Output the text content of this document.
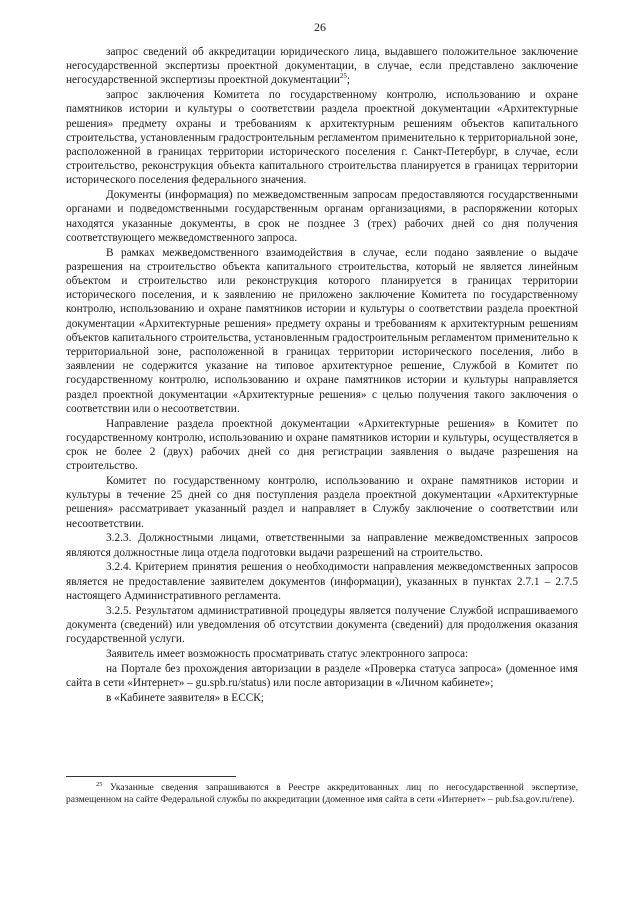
26

запрос сведений об аккредитации юридического лица, выдавшего положительное заключение негосударственной экспертизы проектной документации, в случае, если представлено заключение негосударственной экспертизы проектной документации$^{25}$;

запрос заключения Комитета по государственному контролю, использованию и охране памятников истории и культуры о соответствии раздела проектной документации «Архитектурные решения» предмету охраны и требованиям к архитектурным решениям объектов капитального строительства, установленным градостроительным регламентом применительно к территориальной зоне, расположенной в границах территории исторического поселения г. Санкт-Петербург, в случае, если строительство, реконструкция объекта капитального строительства планируется в границах территории исторического поселения федерального значения.

Документы (информация) по межведомственным запросам предоставляются государственными органами и подведомственными государственным органам организациями, в распоряжении которых находятся указанные документы, в срок не позднее 3 (трех) рабочих дней со дня получения соответствующего межведомственного запроса.

В рамках межведомственного взаимодействия в случае, если подано заявление о выдаче разрешения на строительство объекта капитального строительства, который не является линейным объектом и строительство или реконструкция которого планируется в границах территории исторического поселения, и к заявлению не приложено заключение Комитета по государственному контролю, использованию и охране памятников истории и культуры о соответствии раздела проектной документации «Архитектурные решения» предмету охраны и требованиям к архитектурным решениям объектов капитального строительства, установленным градостроительным регламентом применительно к территориальной зоне, расположенной в границах территории исторического поселения, либо в заявлении не содержится указание на типовое архитектурное решение, Службой в Комитет по государственному контролю, использованию и охране памятников истории и культуры направляется раздел проектной документации «Архитектурные решения» с целью получения такого заключения о соответствии или о несоответствии.

Направление раздела проектной документации «Архитектурные решения» в Комитет по государственному контролю, использованию и охране памятников истории и культуры, осуществляется в срок не более 2 (двух) рабочих дней со дня регистрации заявления о выдаче разрешения на строительство.

Комитет по государственному контролю, использованию и охране памятников истории и культуры в течение 25 дней со дня поступления раздела проектной документации «Архитектурные решения» рассматривает указанный раздел и направляет в Службу заключение о соответствии или несоответствии.

3.2.3. Должностными лицами, ответственными за направление межведомственных запросов являются должностные лица отдела подготовки выдачи разрешений на строительство.

3.2.4. Критерием принятия решения о необходимости направления межведомственных запросов является не предоставление заявителем документов (информации), указанных в пунктах 2.7.1 – 2.7.5 настоящего Административного регламента.

3.2.5. Результатом административной процедуры является получение Службой испрашиваемого документа (сведений) или уведомления об отсутствии документа (сведений) для продолжения оказания государственной услуги.

Заявитель имеет возможность просматривать статус электронного запроса:

на Портале без прохождения авторизации в разделе «Проверка статуса запроса» (доменное имя сайта в сети «Интернет» – gu.spb.ru/status) или после авторизации в «Личном кабинете»;

в «Кабинете заявителя» в ЕССК;

$^{25}$ Указанные сведения запрашиваются в Реестре аккредитованных лиц по негосударственной экспертизе, размещенном на сайте Федеральной службы по аккредитации (доменное имя сайта в сети «Интернет» – pub.fsa.gov.ru/rene).
